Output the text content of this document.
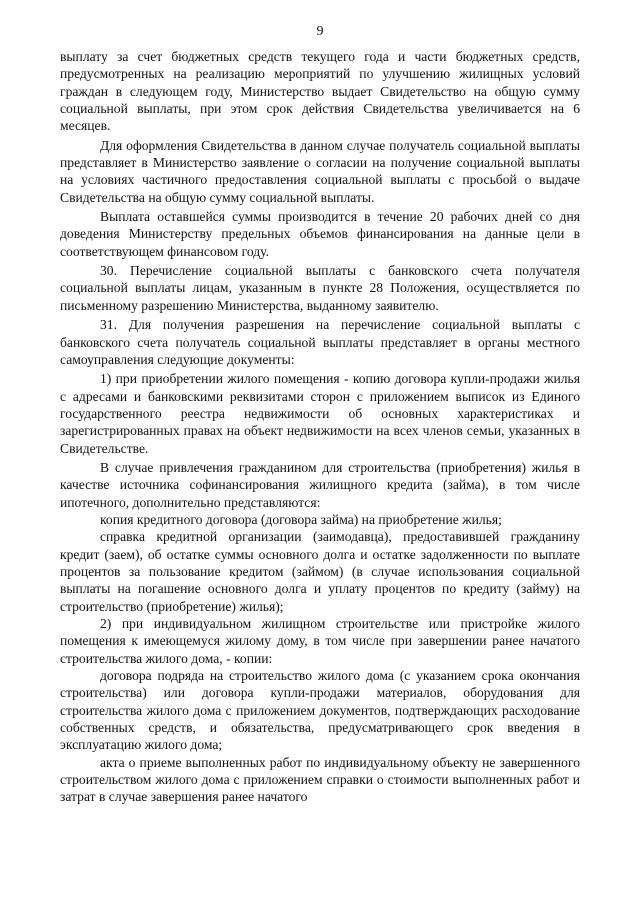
9

выплату за счет бюджетных средств текущего года и части бюджетных средств, предусмотренных на реализацию мероприятий по улучшению жилищных условий граждан в следующем году, Министерство выдает Свидетельство на общую сумму социальной выплаты, при этом срок действия Свидетельства увеличивается на 6 месяцев.

Для оформления Свидетельства в данном случае получатель социальной выплаты представляет в Министерство заявление о согласии на получение социальной выплаты на условиях частичного предоставления социальной выплаты с просьбой о выдаче Свидетельства на общую сумму социальной выплаты.

Выплата оставшейся суммы производится в течение 20 рабочих дней со дня доведения Министерству предельных объемов финансирования на данные цели в соответствующем финансовом году.

30. Перечисление социальной выплаты с банковского счета получателя социальной выплаты лицам, указанным в пункте 28 Положения, осуществляется по письменному разрешению Министерства, выданному заявителю.

31. Для получения разрешения на перечисление социальной выплаты с банковского счета получатель социальной выплаты представляет в органы местного самоуправления следующие документы:

1) при приобретении жилого помещения - копию договора купли-продажи жилья с адресами и банковскими реквизитами сторон с приложением выписок из Единого государственного реестра недвижимости об основных характеристиках и зарегистрированных правах на объект недвижимости на всех членов семьи, указанных в Свидетельстве.

В случае привлечения гражданином для строительства (приобретения) жилья в качестве источника софинансирования жилищного кредита (займа), в том числе ипотечного, дополнительно представляются:

копия кредитного договора (договора займа) на приобретение жилья;

справка кредитной организации (заимодавца), предоставившей гражданину кредит (заем), об остатке суммы основного долга и остатке задолженности по выплате процентов за пользование кредитом (займом) (в случае использования социальной выплаты на погашение основного долга и уплату процентов по кредиту (займу) на строительство (приобретение) жилья);

2) при индивидуальном жилищном строительстве или пристройке жилого помещения к имеющемуся жилому дому, в том числе при завершении ранее начатого строительства жилого дома, - копии:

договора подряда на строительство жилого дома (с указанием срока окончания строительства) или договора купли-продажи материалов, оборудования для строительства жилого дома с приложением документов, подтверждающих расходование собственных средств, и обязательства, предусматривающего срок введения в эксплуатацию жилого дома;

акта о приеме выполненных работ по индивидуальному объекту не завершенного строительством жилого дома с приложением справки о стоимости выполненных работ и затрат в случае завершения ранее начатого
